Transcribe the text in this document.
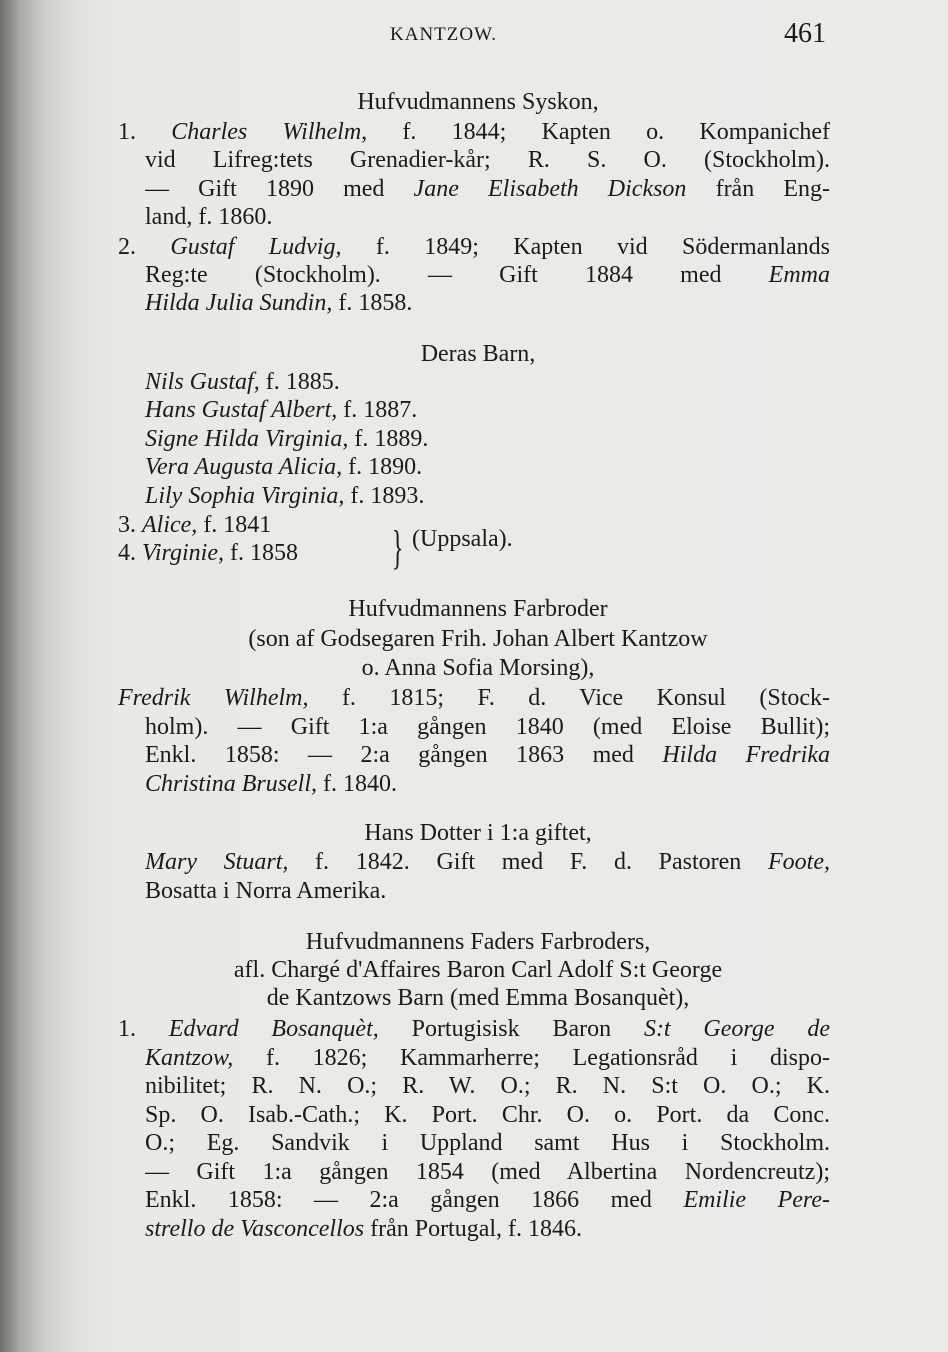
KANTZOW.	461
}
Hufvudmannens Syskon,
1. Charles Wilhelm, f. 1844; Kapten o. Kompanichef
vid Lifreg:tets Grenadier-kår; R. S. O. (Stockholm).
— Gift 1890 med Jane Elisabeth Dickson från Eng-
land, f. 1860.
2. Gustaf Ludvig, f. 1849; Kapten vid Södermanlands
Reg:te (Stockholm). — Gift 1884 med Emma
Hilda Julia Sundin, f. 1858.
Deras Barn,
Nils Gustaf, f. 1885.
Hans Gustaf Albert, f. 1887.
Signe Hilda Virginia, f. 1889.
Vera Augusta Alicia, f. 1890.
Lily Sophia Virginia, f. 1893.
3. Alice, f. 1841
4. Virginie, f. 1858
(Uppsala).
Hufvudmannens Farbroder
(son af Godsegaren Frih. Johan Albert Kantzow
o. Anna Sofia Morsing),
Fredrik Wilhelm, f. 1815; F. d. Vice Konsul (Stock-
holm). — Gift 1:a gången 1840 (med Eloise Bullit);
Enkl. 1858: — 2:a gången 1863 med Hilda Fredrika
Christina Brusell, f. 1840.
Hans Dotter i 1:a giftet,
Mary Stuart, f. 1842. Gift med F. d. Pastoren Foote,
Bosatta i Norra Amerika.
Hufvudmannens Faders Farbroders,
afl. Chargé d'Affaires Baron Carl Adolf S:t George
de Kantzows Barn (med Emma Bosanquèt),
1. Edvard Bosanquèt, Portugisisk Baron S:t George de
Kantzow, f. 1826; Kammarherre; Legationsråd i dispo-
nibilitet; R. N. O.; R. W. O.; R. N. S:t O. O.; K.
Sp. O. Isab.-Cath.; K. Port. Chr. O. o. Port. da Conc.
O.; Eg. Sandvik i Uppland samt Hus i Stockholm.
— Gift 1:a gången 1854 (med Albertina Nordencreutz);
Enkl. 1858: — 2:a gången 1866 med Emilie Pere-
strello de Vasconcellos från Portugal, f. 1846.
